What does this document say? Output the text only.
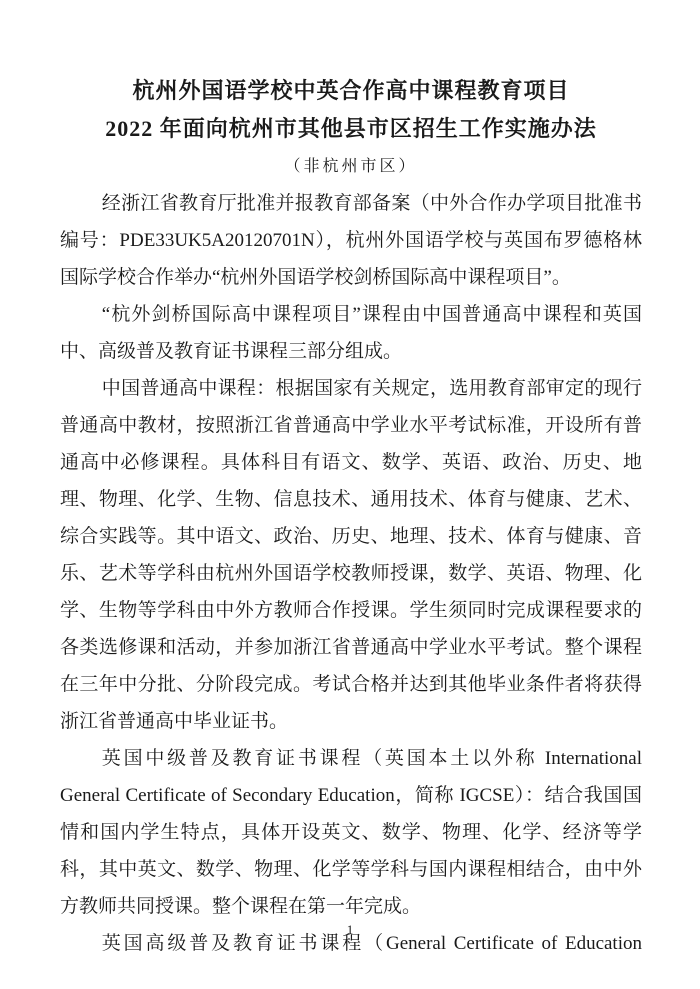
杭州外国语学校中英合作高中课程教育项目
2022 年面向杭州市其他县市区招生工作实施办法
（非杭州市区）

经浙江省教育厅批准并报教育部备案（中外合作办学项目批准书编号：PDE33UK5A20120701N），杭州外国语学校与英国布罗德格林国际学校合作举办“杭州外国语学校剑桥国际高中课程项目”。

“杭外剑桥国际高中课程项目”课程由中国普通高中课程和英国中、高级普及教育证书课程三部分组成。

中国普通高中课程：根据国家有关规定，选用教育部审定的现行普通高中教材，按照浙江省普通高中学业水平考试标准，开设所有普通高中必修课程。具体科目有语文、数学、英语、政治、历史、地理、物理、化学、生物、信息技术、通用技术、体育与健康、艺术、综合实践等。其中语文、政治、历史、地理、技术、体育与健康、音乐、艺术等学科由杭州外国语学校教师授课，数学、英语、物理、化学、生物等学科由中外方教师合作授课。学生须同时完成课程要求的各类选修课和活动，并参加浙江省普通高中学业水平考试。整个课程在三年中分批、分阶段完成。考试合格并达到其他毕业条件者将获得浙江省普通高中毕业证书。

英国中级普及教育证书课程（英国本土以外称 International General Certificate of Secondary Education，简称 IGCSE）：结合我国国情和国内学生特点，具体开设英文、数学、物理、化学、经济等学科，其中英文、数学、物理、化学等学科与国内课程相结合，由中外方教师共同授课。整个课程在第一年完成。

英国高级普及教育证书课程（General Certificate of Education

1
